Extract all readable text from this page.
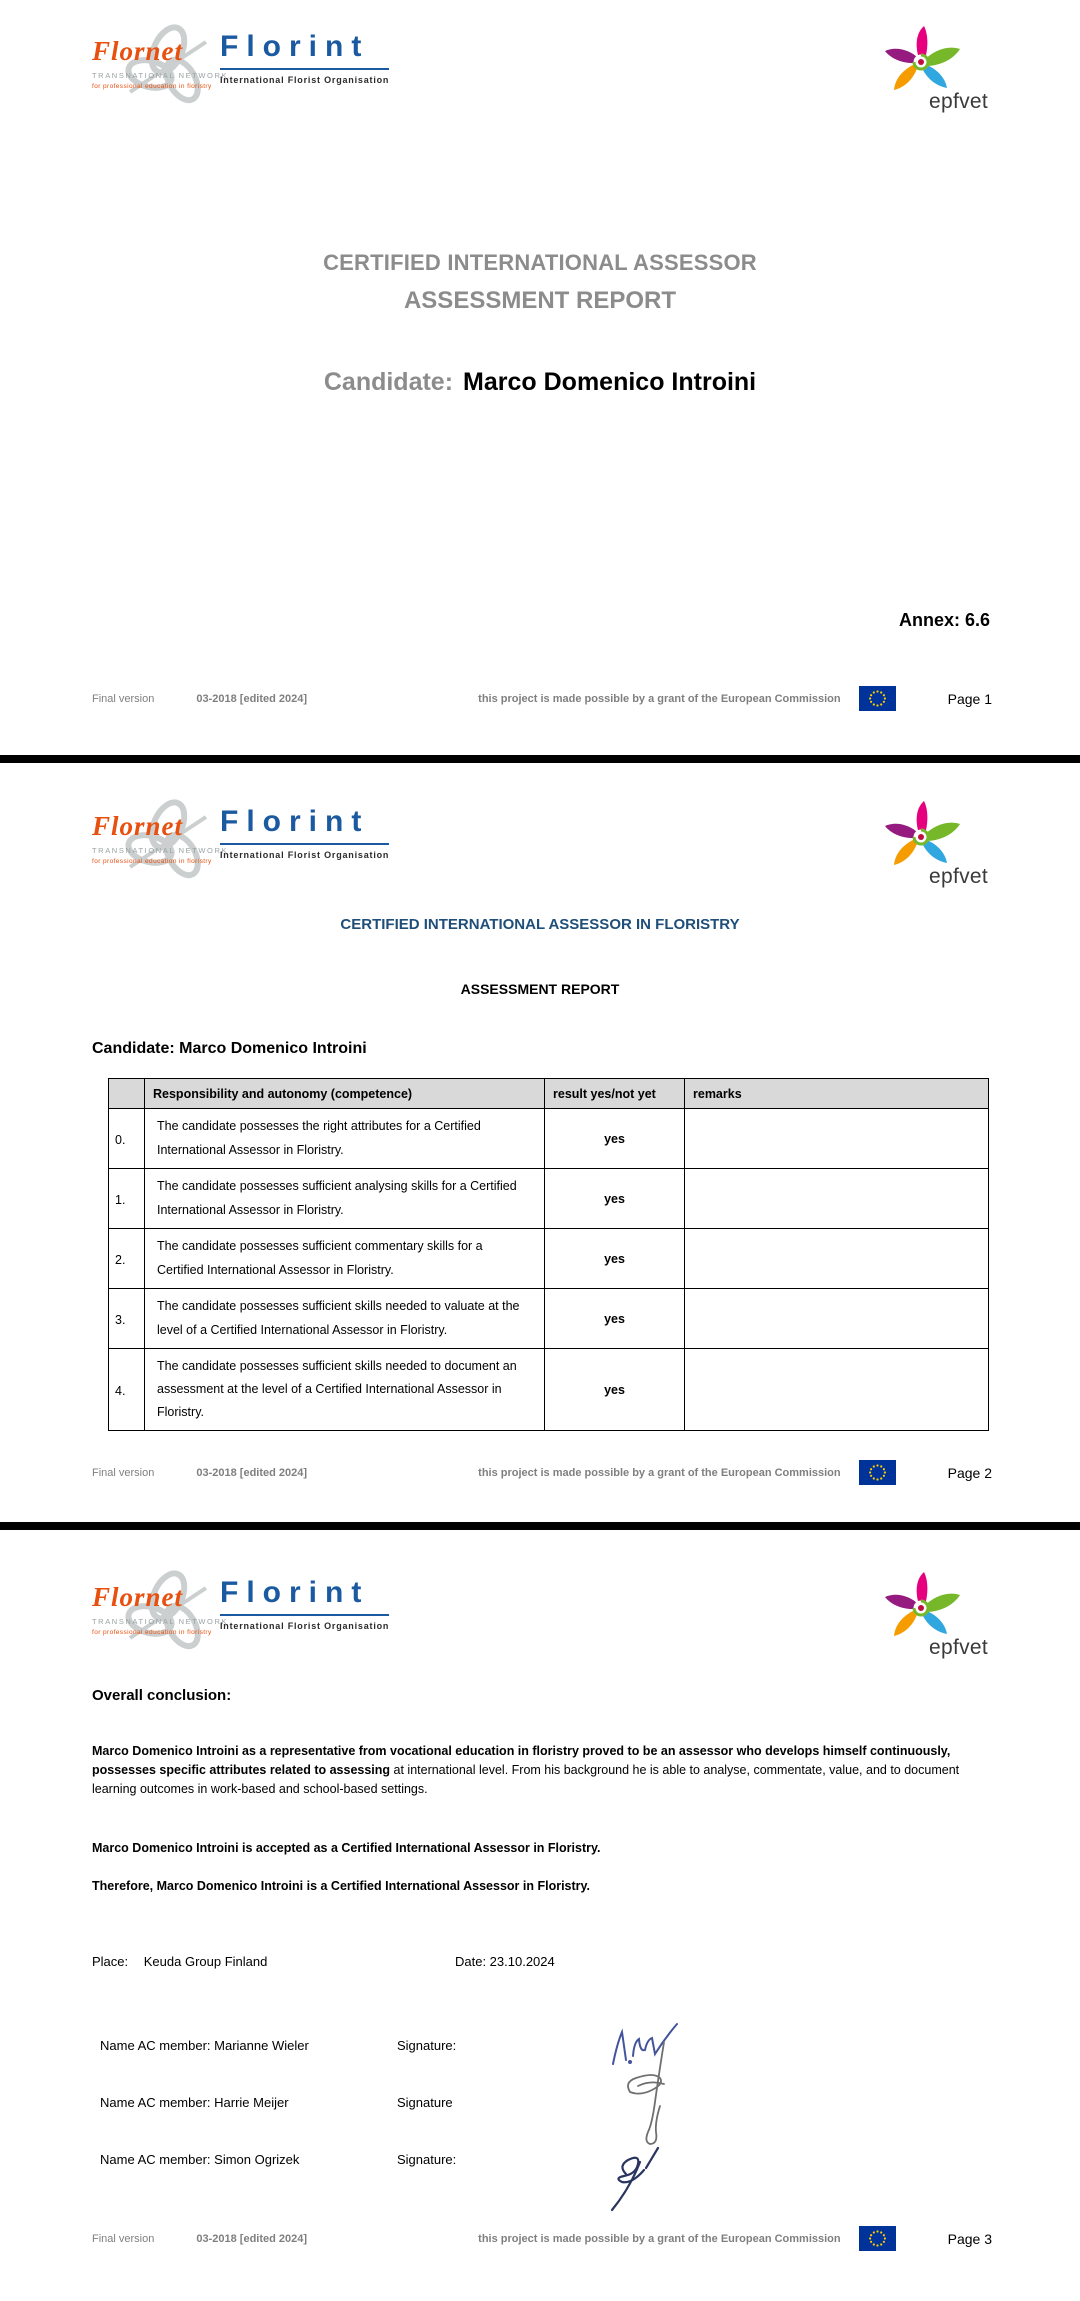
Flornet
TRANSNATIONAL NETWORK
for professional education in floristry
Florint
International Florist Organisation
epfvet
CERTIFIED INTERNATIONAL ASSESSOR
ASSESSMENT REPORT
Candidate: Marco Domenico Introini
Annex: 6.6
Final version	03-2018 [edited 2024]	this project is made possible by a grant of the European Commission	Page 1
Flornet
TRANSNATIONAL NETWORK
for professional education in floristry
Florint
International Florist Organisation
epfvet
CERTIFIED INTERNATIONAL ASSESSOR IN FLORISTRY
ASSESSMENT REPORT
Candidate: Marco Domenico Introini
	Responsibility and autonomy (competence)	result yes/not yet	remarks
0.	The candidate possesses the right attributes for a Certified International Assessor in Floristry.	yes	
1.	The candidate possesses sufficient analysing skills for a Certified International Assessor in Floristry.	yes	
2.	The candidate possesses sufficient commentary skills for a Certified International Assessor in Floristry.	yes	
3.	The candidate possesses sufficient skills needed to valuate at the level of a Certified International Assessor in Floristry.	yes	
4.	The candidate possesses sufficient skills needed to document an assessment at the level of a Certified International Assessor in Floristry.	yes	
Final version	03-2018 [edited 2024]	this project is made possible by a grant of the European Commission	Page 2
Flornet
TRANSNATIONAL NETWORK
for professional education in floristry
Florint
International Florist Organisation
epfvet
Overall conclusion:
Marco Domenico Introini as a representative from vocational education in floristry proved to be an assessor who develops himself continuously, possesses specific attributes related to assessing at international level. From his background he is able to analyse, commentate, value, and to document learning outcomes in work-based and school-based settings.
Marco Domenico Introini is accepted as a Certified International Assessor in Floristry.
Therefore, Marco Domenico Introini is a Certified International Assessor in Floristry.
Place: Keuda Group Finland	Date: 23.10.2024
Name AC member: Marianne Wieler	Signature:
Name AC member: Harrie Meijer	Signature
Name AC member: Simon Ogrizek	Signature:
Final version	03-2018 [edited 2024]	this project is made possible by a grant of the European Commission	Page 3
